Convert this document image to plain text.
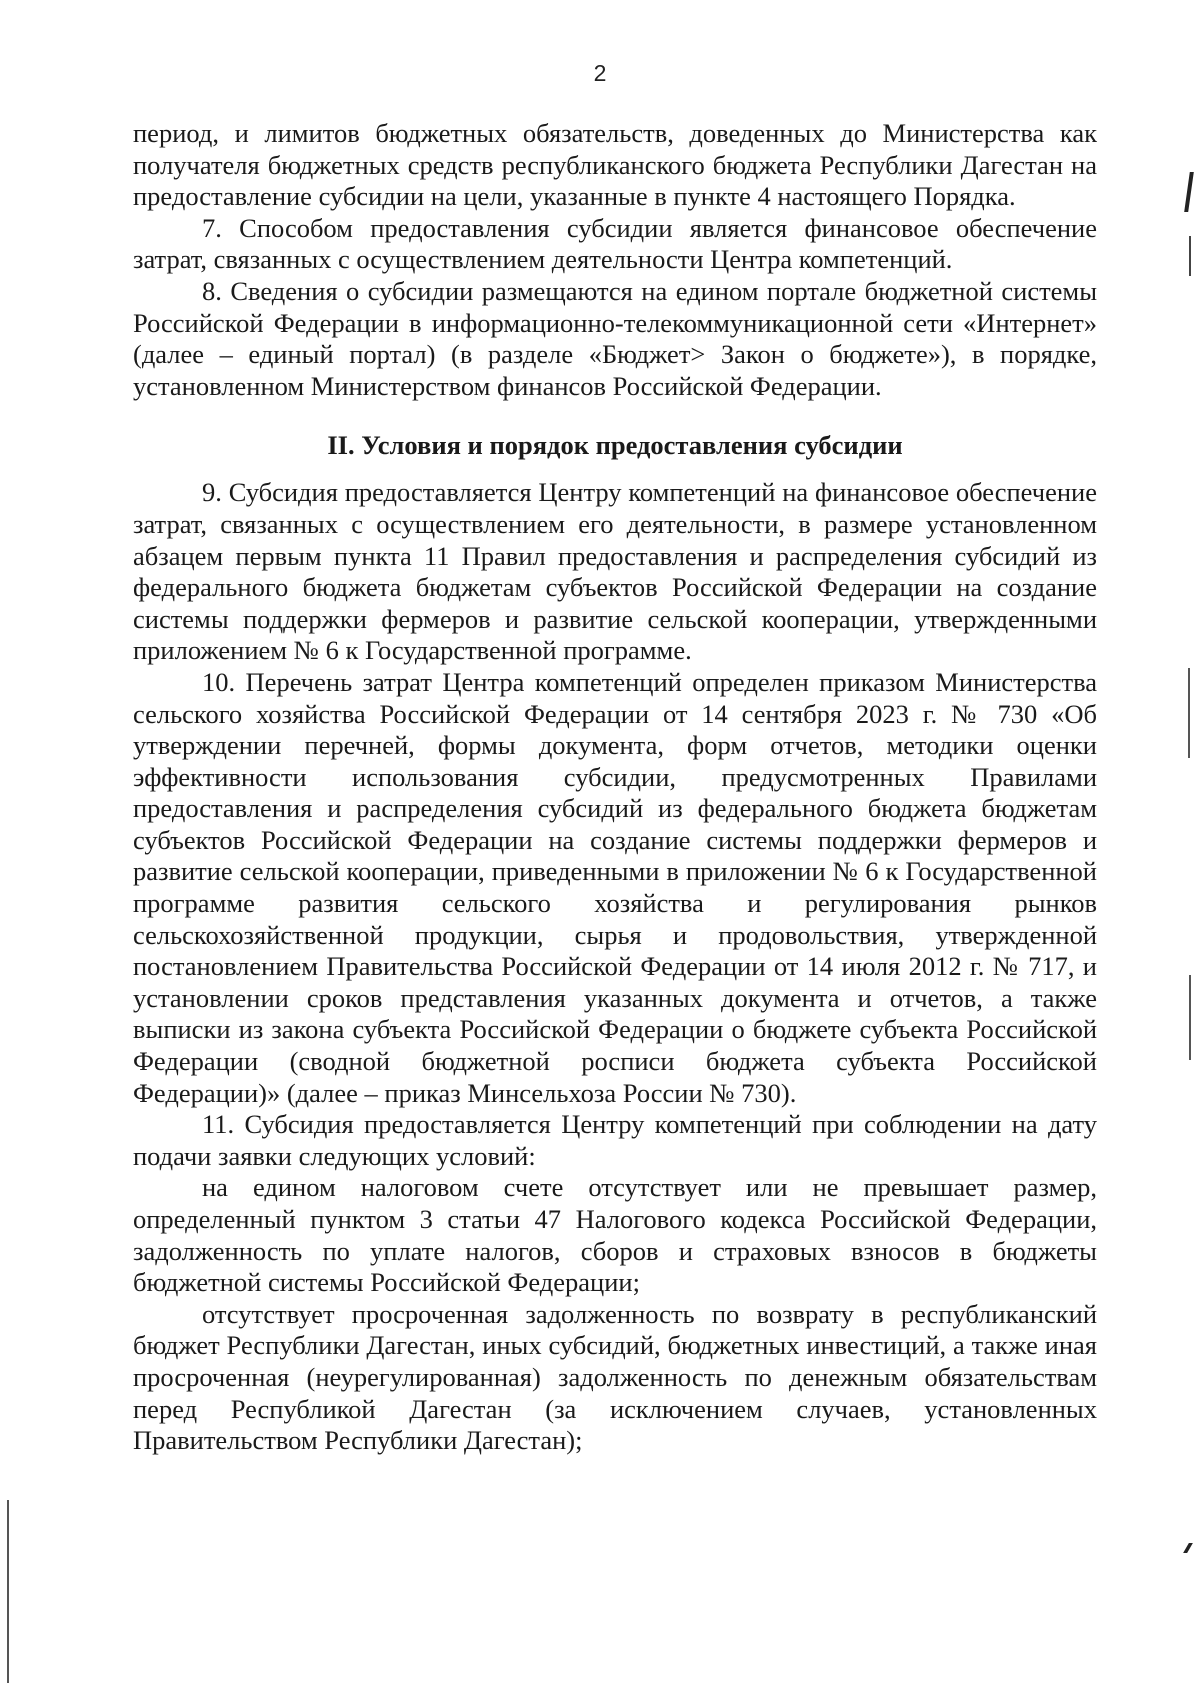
2

период, и лимитов бюджетных обязательств, доведенных до Министерства как получателя бюджетных средств республиканского бюджета Республики Дагестан на предоставление субсидии на цели, указанные в пункте 4 настоящего Порядка.

7. Способом предоставления субсидии является финансовое обеспечение затрат, связанных с осуществлением деятельности Центра компетенций.

8. Сведения о субсидии размещаются на едином портале бюджетной системы Российской Федерации в информационно-телекоммуникационной сети «Интернет» (далее – единый портал) (в разделе «Бюджет> Закон о бюджете»), в порядке, установленном Министерством финансов Российской Федерации.

II. Условия и порядок предоставления субсидии

9. Субсидия предоставляется Центру компетенций на финансовое обеспечение затрат, связанных с осуществлением его деятельности, в размере установленном абзацем первым пункта 11 Правил предоставления и распределения субсидий из федерального бюджета бюджетам субъектов Российской Федерации на создание системы поддержки фермеров и развитие сельской кооперации, утвержденными приложением № 6 к Государственной программе.

10. Перечень затрат Центра компетенций определен приказом Министерства сельского хозяйства Российской Федерации от 14 сентября 2023 г. № 730 «Об утверждении перечней, формы документа, форм отчетов, методики оценки эффективности использования субсидии, предусмотренных Правилами предоставления и распределения субсидий из федерального бюджета бюджетам субъектов Российской Федерации на создание системы поддержки фермеров и развитие сельской кооперации, приведенными в приложении № 6 к Государственной программе развития сельского хозяйства и регулирования рынков сельскохозяйственной продукции, сырья и продовольствия, утвержденной постановлением Правительства Российской Федерации от 14 июля 2012 г. № 717, и установлении сроков представления указанных документа и отчетов, а также выписки из закона субъекта Российской Федерации о бюджете субъекта Российской Федерации (сводной бюджетной росписи бюджета субъекта Российской Федерации)» (далее – приказ Минсельхоза России № 730).

11. Субсидия предоставляется Центру компетенций при соблюдении на дату подачи заявки следующих условий:

на едином налоговом счете отсутствует или не превышает размер, определенный пунктом 3 статьи 47 Налогового кодекса Российской Федерации, задолженность по уплате налогов, сборов и страховых взносов в бюджеты бюджетной системы Российской Федерации;

отсутствует просроченная задолженность по возврату в республиканский бюджет Республики Дагестан, иных субсидий, бюджетных инвестиций, а также иная просроченная (неурегулированная) задолженность по денежным обязательствам перед Республикой Дагестан (за исключением случаев, установленных Правительством Республики Дагестан);
